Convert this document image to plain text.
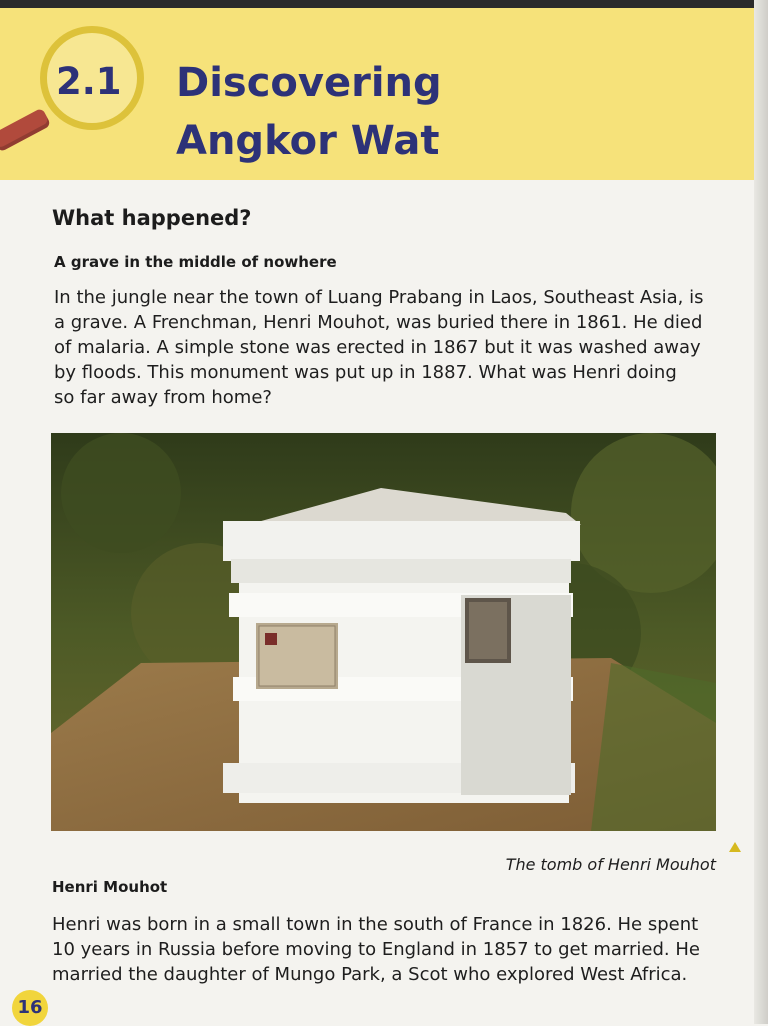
2.1 Discovering
Angkor Wat
What happened?
A grave in the middle of nowhere
In the jungle near the town of Luang Prabang in Laos, Southeast Asia, is
a grave. A Frenchman, Henri Mouhot, was buried there in 1861. He died
of malaria. A simple stone was erected in 1867 but it was washed away
by floods. This monument was put up in 1887. What was Henri doing
so far away from home?
The tomb of Henri Mouhot
Henri Mouhot
Henri was born in a small town in the south of France in 1826. He spent
10 years in Russia before moving to England in 1857 to get married. He
married the daughter of Mungo Park, a Scot who explored West Africa.
16
